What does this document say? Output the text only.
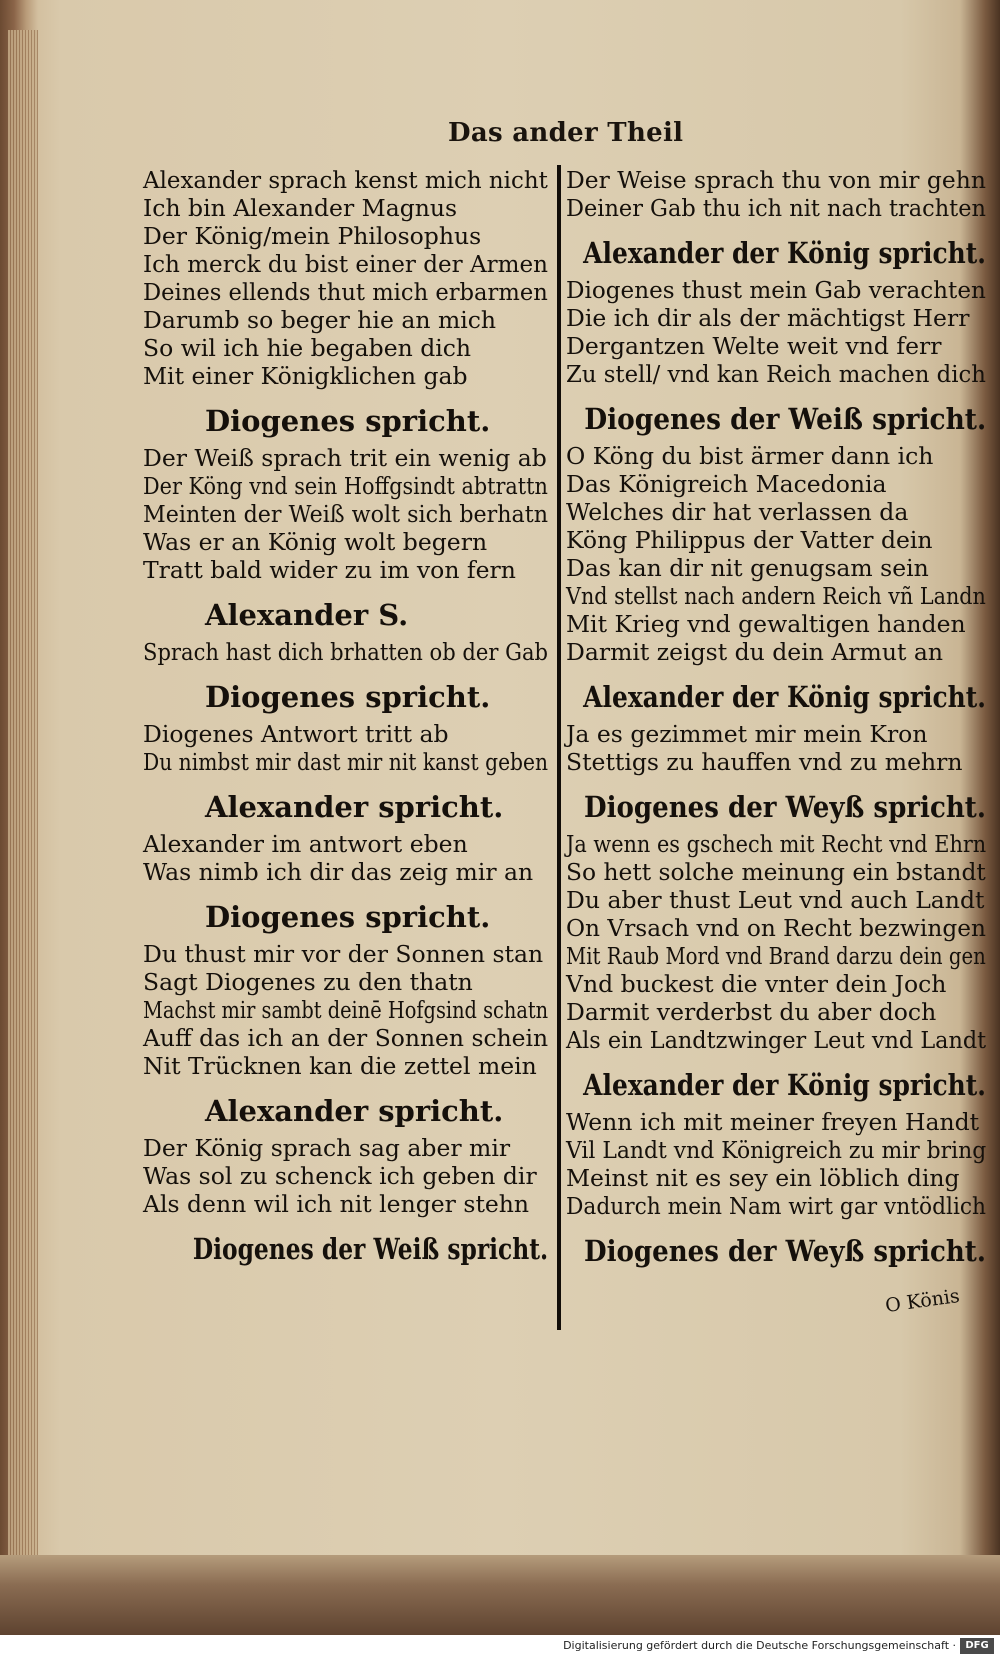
Das ander Theil
Alexander sprach kenst mich nicht
Ich bin Alexander Magnus
Der König/mein Philosophus
Ich merck du bist einer der Armen
Deines ellends thut mich erbarmen
Darumb so beger hie an mich
So wil ich hie begaben dich
Mit einer Königklichen gab
Diogenes spricht.
Der Weiß sprach trit ein wenig ab
Der Köng vnd sein Hoffgsindt abtrattn
Meinten der Weiß wolt sich berhatn
Was er an König wolt begern
Tratt bald wider zu im von fern
Alexander S.
Sprach hast dich brhatten ob der Gab
Diogenes spricht.
Diogenes Antwort tritt ab
Du nimbst mir dast mir nit kanst geben
Alexander spricht.
Alexander im antwort eben
Was nimb ich dir das zeig mir an
Diogenes spricht.
Du thust mir vor der Sonnen stan
Sagt Diogenes zu den thatn
Machst mir sambt deinē Hofgsind schatn
Auff das ich an der Sonnen schein
Nit Trücknen kan die zettel mein
Alexander spricht.
Der König sprach sag aber mir
Was sol zu schenck ich geben dir
Als denn wil ich nit lenger stehn
Diogenes der Weiß spricht.
Der Weise sprach thu von mir gehn
Deiner Gab thu ich nit nach trachten
Alexander der König spricht.
Diogenes thust mein Gab verachten
Die ich dir als der mächtigst Herr
Dergantzen Welte weit vnd ferr
Zu stell/ vnd kan Reich machen dich
Diogenes der Weiß spricht.
O Köng du bist ärmer dann ich
Das Königreich Macedonia
Welches dir hat verlassen da
Köng Philippus der Vatter dein
Das kan dir nit genugsam sein
Vnd stellst nach andern Reich vñ Landn
Mit Krieg vnd gewaltigen handen
Darmit zeigst du dein Armut an
Alexander der König spricht.
Ja es gezimmet mir mein Kron
Stettigs zu hauffen vnd zu mehrn
Diogenes der Weyß spricht.
Ja wenn es gschech mit Recht vnd Ehrn
So hett solche meinung ein bstandt
Du aber thust Leut vnd auch Landt
On Vrsach vnd on Recht bezwingen
Mit Raub Mord vnd Brand darzu dein gen
Vnd buckest die vnter dein Joch
Darmit verderbst du aber doch
Als ein Landtzwinger Leut vnd Landt
Alexander der König spricht.
Wenn ich mit meiner freyen Handt
Vil Landt vnd Königreich zu mir bring
Meinst nit es sey ein löblich ding
Dadurch mein Nam wirt gar vntödlich
Diogenes der Weyß spricht.
O Könis
Digitalisierung gefördert durch die Deutsche Forschungsgemeinschaft · DFG
